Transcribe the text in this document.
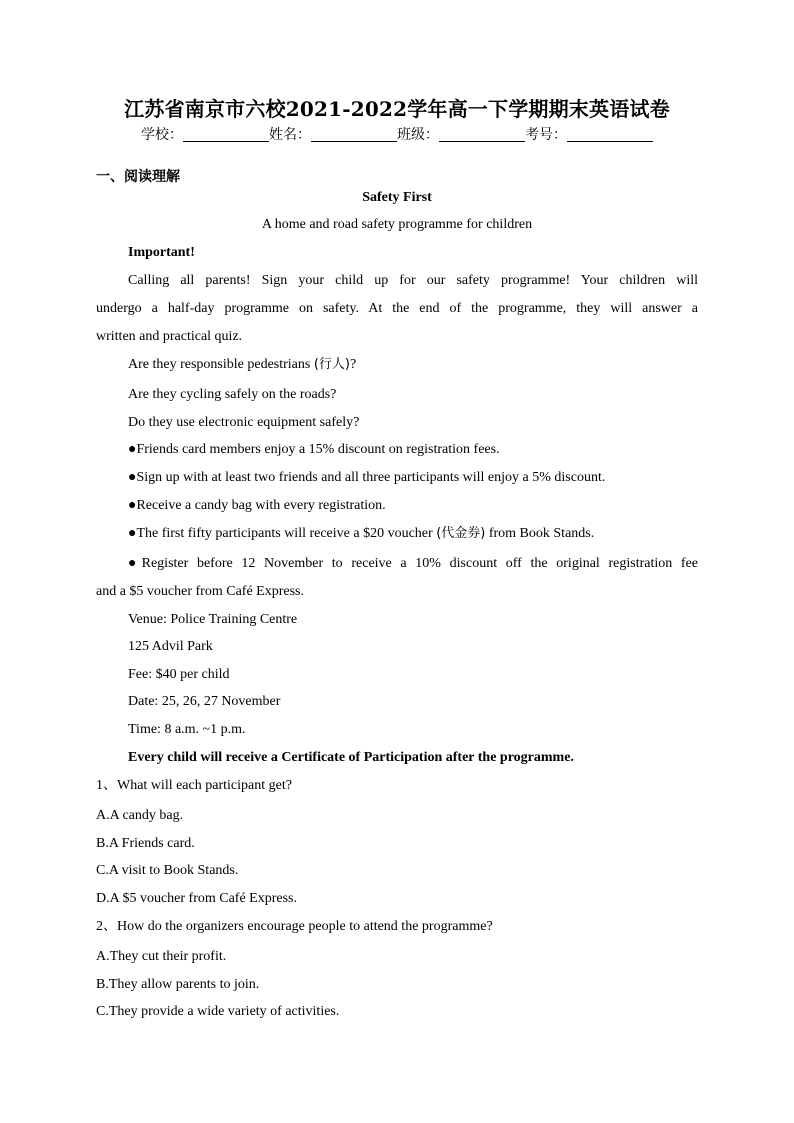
江苏省南京市六校2021-2022学年高一下学期期末英语试卷
学校：	姓名：	班级：	考号：
一、阅读理解
Safety First
A home and road safety programme for children
Important!
Calling all parents! Sign your child up for our safety programme! Your children will
undergo a half-day programme on safety. At the end of the programme, they will answer a
written and practical quiz.
Are they responsible pedestrians (行人)?
Are they cycling safely on the roads?
Do they use electronic equipment safely?
●Friends card members enjoy a 15% discount on registration fees.
●Sign up with at least two friends and all three participants will enjoy a 5% discount.
●Receive a candy bag with every registration.
●The first fifty participants will receive a $20 voucher (代金券) from Book Stands.
●Register before 12 November to receive a 10% discount off the original registration fee
and a $5 voucher from Café Express.
Venue: Police Training Centre
125 Advil Park
Fee: $40 per child
Date: 25, 26, 27 November
Time: 8 a.m. ~1 p.m.
Every child will receive a Certificate of Participation after the programme.
1、What will each participant get?
A.A candy bag.
B.A Friends card.
C.A visit to Book Stands.
D.A $5 voucher from Café Express.
2、How do the organizers encourage people to attend the programme?
A.They cut their profit.
B.They allow parents to join.
C.They provide a wide variety of activities.
